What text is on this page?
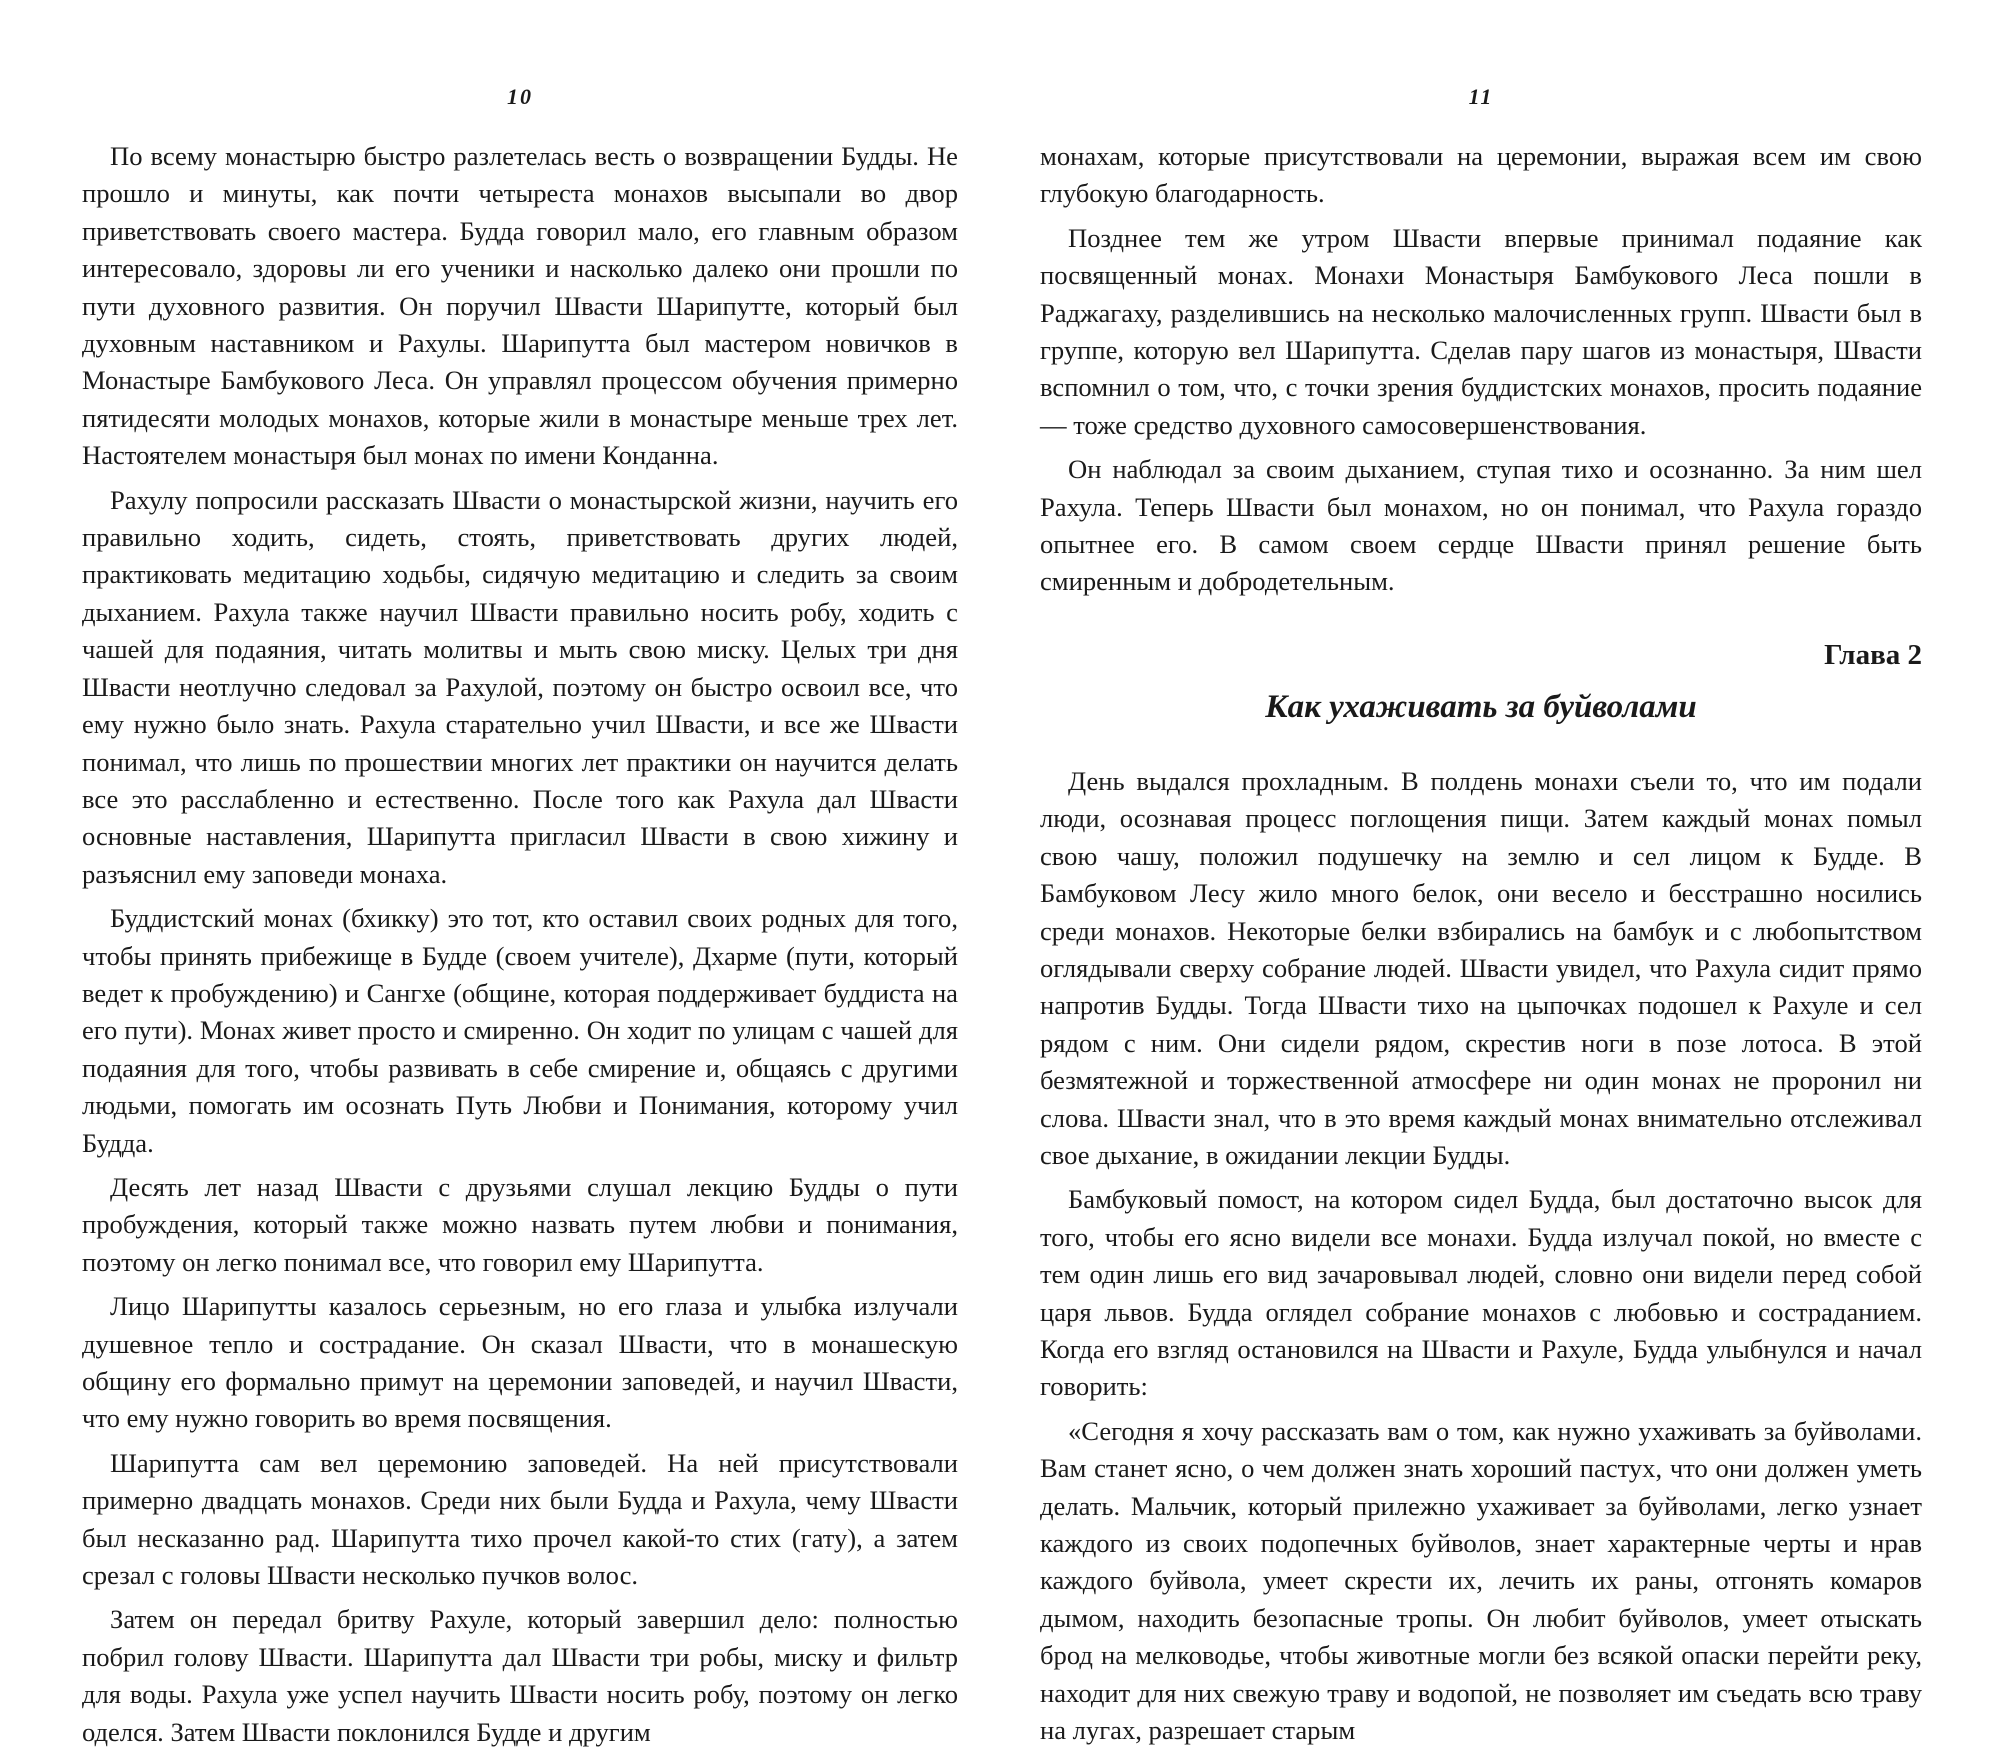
10

По всему монастырю быстро разлетелась весть о возвращении Будды. Не прошло и минуты, как почти четыреста монахов высыпали во двор приветствовать своего мастера. Будда говорил мало, его главным образом интересовало, здоровы ли его ученики и насколько далеко они прошли по пути духовного развития. Он поручил Швасти Шарипутте, который был духовным наставником и Рахулы. Шарипутта был мастером новичков в Монастыре Бамбукового Леса. Он управлял процессом обучения примерно пятидесяти молодых монахов, которые жили в монастыре меньше трех лет. Настоятелем монастыря был монах по имени Конданна.

Рахулу попросили рассказать Швасти о монастырской жизни, научить его правильно ходить, сидеть, стоять, приветствовать других людей, практиковать медитацию ходьбы, сидячую медитацию и следить за своим дыханием. Рахула также научил Швасти правильно носить робу, ходить с чашей для подаяния, читать молитвы и мыть свою миску. Целых три дня Швасти неотлучно следовал за Рахулой, поэтому он быстро освоил все, что ему нужно было знать. Рахула старательно учил Швасти, и все же Швасти понимал, что лишь по прошествии многих лет практики он научится делать все это расслабленно и естественно. После того как Рахула дал Швасти основные наставления, Шарипутта пригласил Швасти в свою хижину и разъяснил ему заповеди монаха.

Буддистский монах (бхикку) это тот, кто оставил своих родных для того, чтобы принять прибежище в Будде (своем учителе), Дхарме (пути, который ведет к пробуждению) и Сангхе (общине, которая поддерживает буддиста на его пути). Монах живет просто и смиренно. Он ходит по улицам с чашей для подаяния для того, чтобы развивать в себе смирение и, общаясь с другими людьми, помогать им осознать Путь Любви и Понимания, которому учил Будда.

Десять лет назад Швасти с друзьями слушал лекцию Будды о пути пробуждения, который также можно назвать путем любви и понимания, поэтому он легко понимал все, что говорил ему Шарипутта.

Лицо Шарипутты казалось серьезным, но его глаза и улыбка излучали душевное тепло и сострадание. Он сказал Швасти, что в монашескую общину его формально примут на церемонии заповедей, и научил Швасти, что ему нужно говорить во время посвящения.

Шарипутта сам вел церемонию заповедей. На ней присутствовали примерно двадцать монахов. Среди них были Будда и Рахула, чему Швасти был несказанно рад. Шарипутта тихо прочел какой-то стих (гату), а затем срезал с головы Швасти несколько пучков волос.

Затем он передал бритву Рахуле, который завершил дело: полностью побрил голову Швасти. Шарипутта дал Швасти три робы, миску и фильтр для воды. Рахула уже успел научить Швасти носить робу, поэтому он легко оделся. Затем Швасти поклонился Будде и другим

11

монахам, которые присутствовали на церемонии, выражая всем им свою глубокую благодарность.

Позднее тем же утром Швасти впервые принимал подаяние как посвященный монах. Монахи Монастыря Бамбукового Леса пошли в Раджагаху, разделившись на несколько малочисленных групп. Швасти был в группе, которую вел Шарипутта. Сделав пару шагов из монастыря, Швасти вспомнил о том, что, с точки зрения буддистских монахов, просить подаяние — тоже средство духовного самосовершенствования.

Он наблюдал за своим дыханием, ступая тихо и осознанно. За ним шел Рахула. Теперь Швасти был монахом, но он понимал, что Рахула гораздо опытнее его. В самом своем сердце Швасти принял решение быть смиренным и добродетельным.

Глава 2
Как ухаживать за буйволами

День выдался прохладным. В полдень монахи съели то, что им подали люди, осознавая процесс поглощения пищи. Затем каждый монах помыл свою чашу, положил подушечку на землю и сел лицом к Будде. В Бамбуковом Лесу жило много белок, они весело и бесстрашно носились среди монахов. Некоторые белки взбирались на бамбук и с любопытством оглядывали сверху собрание людей. Швасти увидел, что Рахула сидит прямо напротив Будды. Тогда Швасти тихо на цыпочках подошел к Рахуле и сел рядом с ним. Они сидели рядом, скрестив ноги в позе лотоса. В этой безмятежной и торжественной атмосфере ни один монах не проронил ни слова. Швасти знал, что в это время каждый монах внимательно отслеживал свое дыхание, в ожидании лекции Будды.

Бамбуковый помост, на котором сидел Будда, был достаточно высок для того, чтобы его ясно видели все монахи. Будда излучал покой, но вместе с тем один лишь его вид зачаровывал людей, словно они видели перед собой царя львов. Будда оглядел собрание монахов с любовью и состраданием. Когда его взгляд остановился на Швасти и Рахуле, Будда улыбнулся и начал говорить:

«Сегодня я хочу рассказать вам о том, как нужно ухаживать за буйволами. Вам станет ясно, о чем должен знать хороший пастух, что они должен уметь делать. Мальчик, который прилежно ухаживает за буйволами, легко узнает каждого из своих подопечных буйволов, знает характерные черты и нрав каждого буйвола, умеет скрести их, лечить их раны, отгонять комаров дымом, находить безопасные тропы. Он любит буйволов, умеет отыскать брод на мелководье, чтобы животные могли без всякой опаски перейти реку, находит для них свежую траву и водопой, не позволяет им съедать всю траву на лугах, разрешает старым
